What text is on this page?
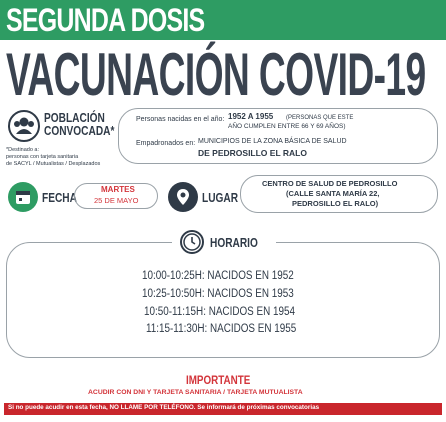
SEGUNDA DOSIS
VACUNACIÓN COVID-19
POBLACIÓN
CONVOCADA*
*Destinado a:
personas con tarjeta sanitaria
de SACYL / Mutualistas / Desplazados
Personas nacidas en el año: 1952 A 1955 (PERSONAS QUE ESTE
AÑO CUMPLEN ENTRE 66 Y 69 AÑOS)
Empadronados en: MUNICIPIOS DE LA ZONA BÁSICA DE SALUD
DE PEDROSILLO EL RALO
FECHA
MARTES
25 DE MAYO	LUGAR
CENTRO DE SALUD DE PEDROSILLO
(CALLE SANTA MARÍA 22,
PEDROSILLO EL RALO)
HORARIO
10:00-10:25H: NACIDOS EN 1952
10:25-10:50H: NACIDOS EN 1953
10:50-11:15H: NACIDOS EN 1954
11:15-11:30H: NACIDOS EN 1955
IMPORTANTE
ACUDIR CON DNI Y TARJETA SANITARIA / TARJETA MUTUALISTA
Si no puede acudir en esta fecha, NO LLAME POR TELÉFONO. Se informará de próximas convocatorias
